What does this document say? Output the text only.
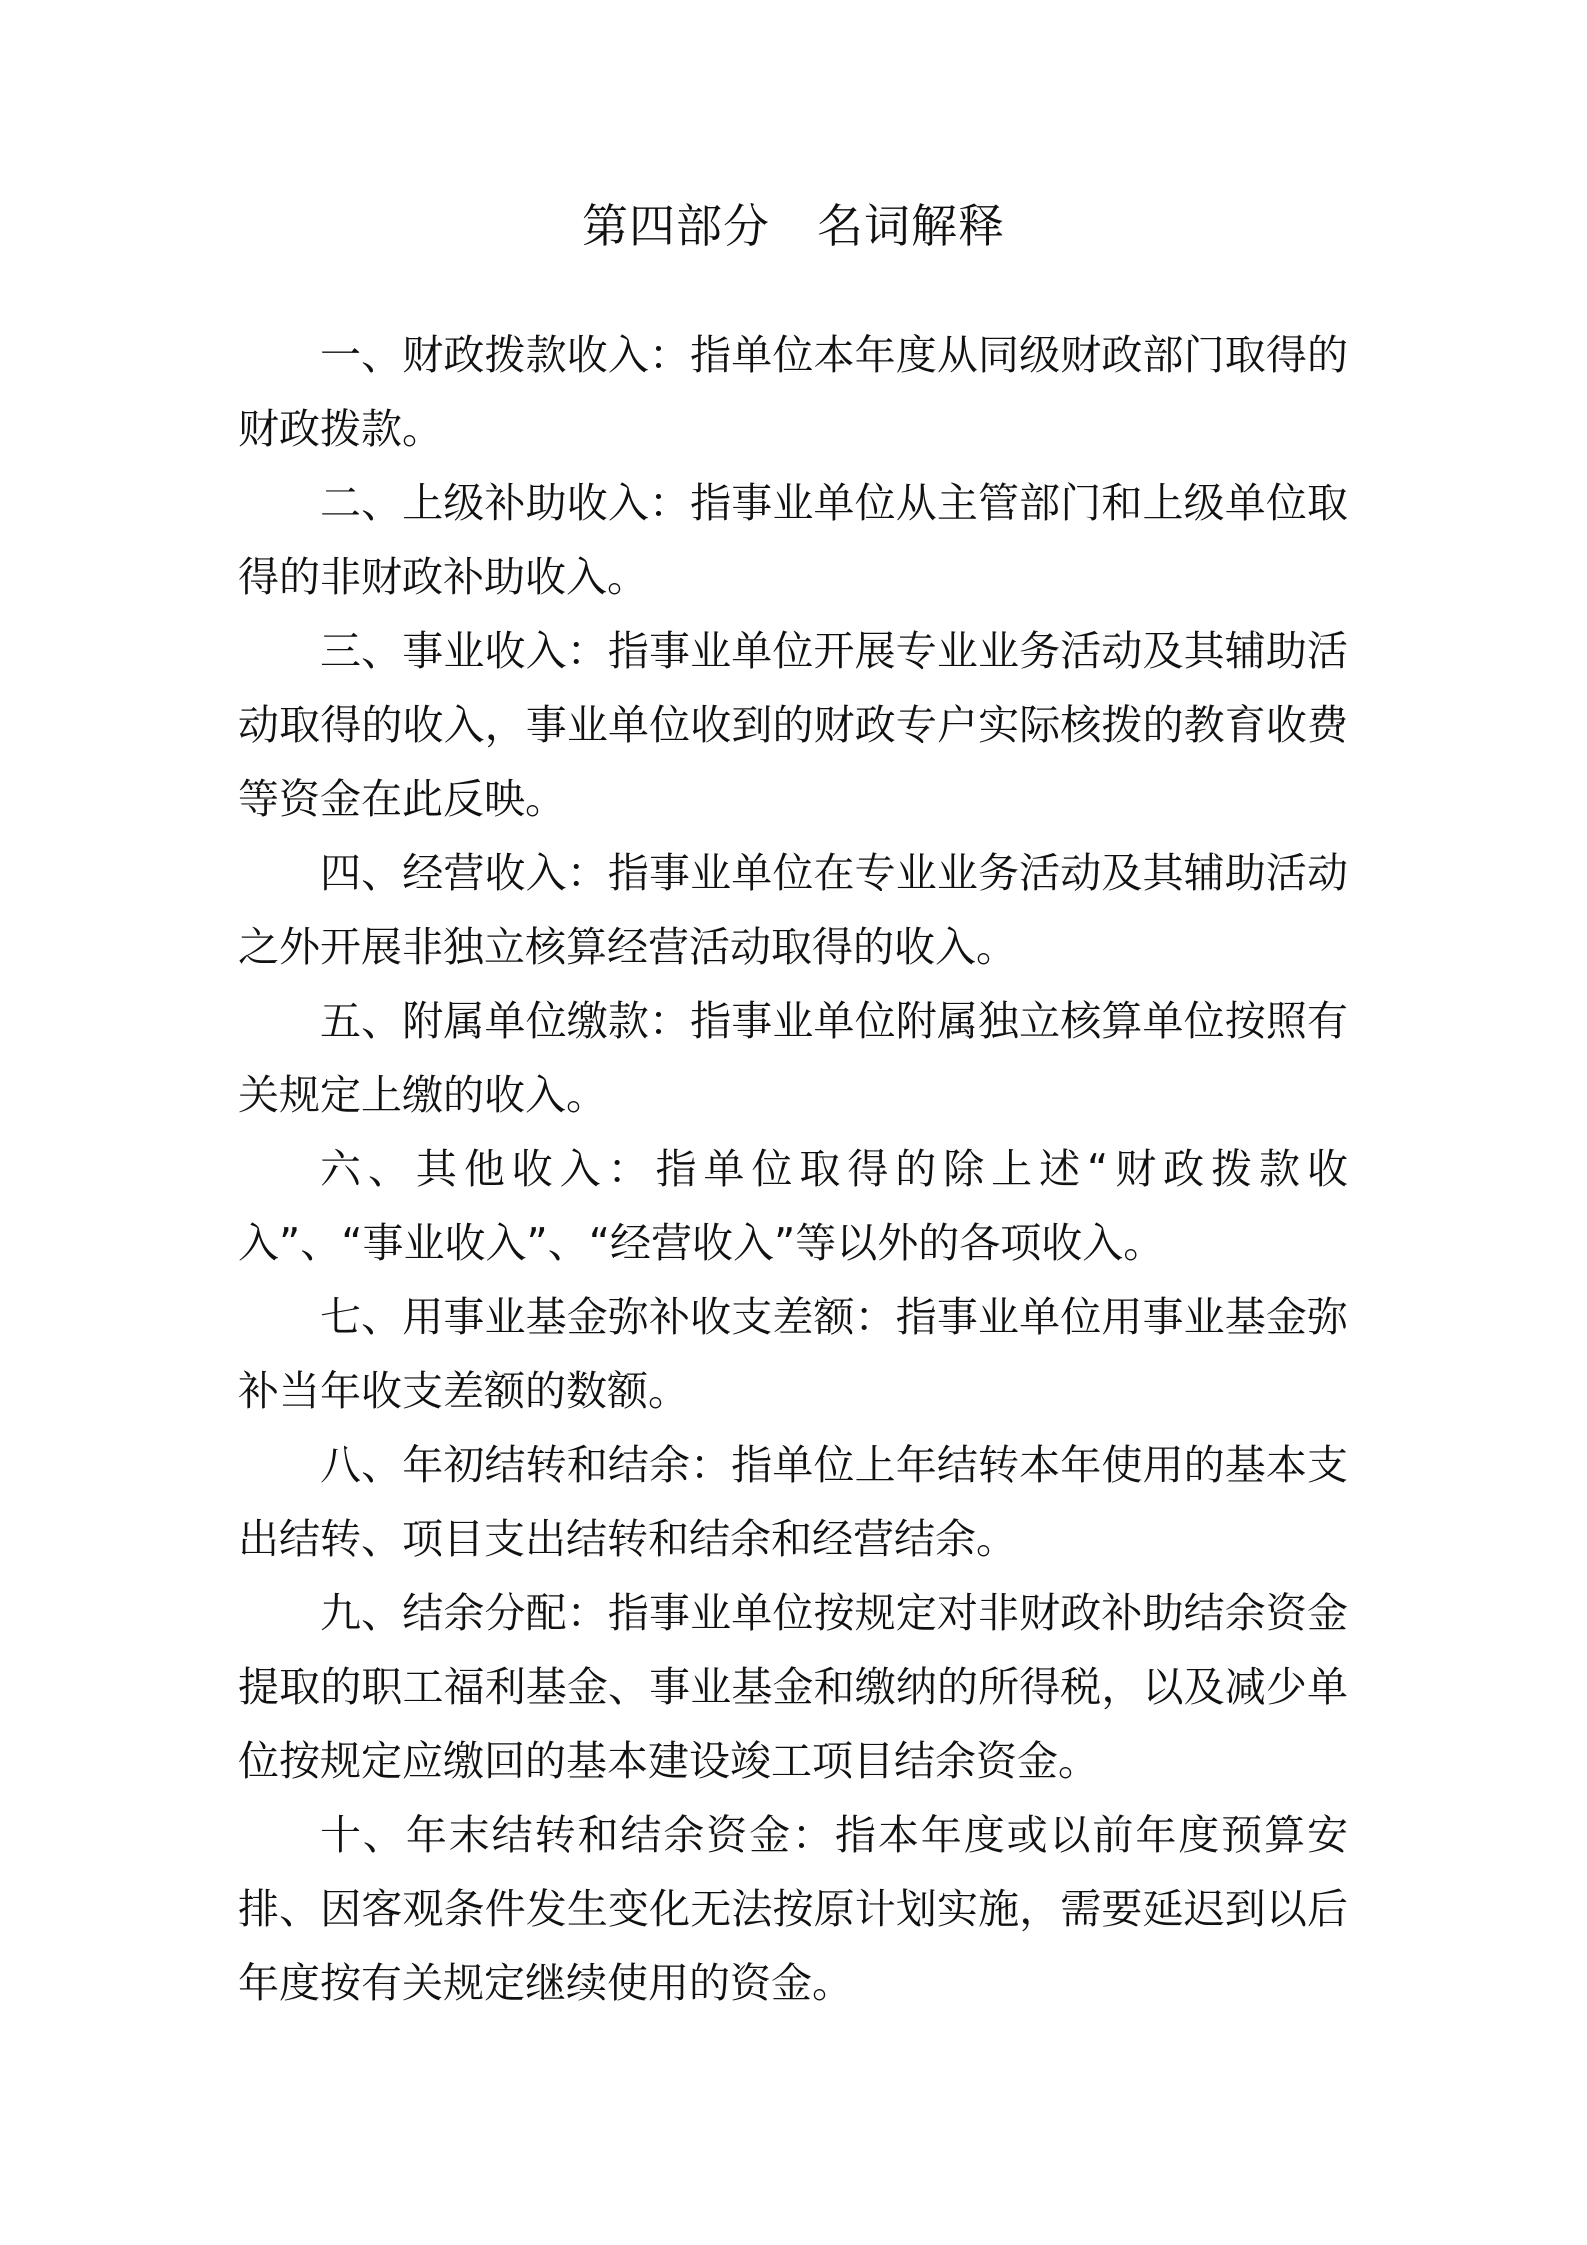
第四部分　名词解释

一、财政拨款收入：指单位本年度从同级财政部门取得的财政拨款。

二、上级补助收入：指事业单位从主管部门和上级单位取得的非财政补助收入。

三、事业收入：指事业单位开展专业业务活动及其辅助活动取得的收入，事业单位收到的财政专户实际核拨的教育收费等资金在此反映。

四、经营收入：指事业单位在专业业务活动及其辅助活动之外开展非独立核算经营活动取得的收入。

五、附属单位缴款：指事业单位附属独立核算单位按照有关规定上缴的收入。

六、其他收入：指单位取得的除上述“财政拨款收入”、“事业收入”、“经营收入”等以外的各项收入。

七、用事业基金弥补收支差额：指事业单位用事业基金弥补当年收支差额的数额。

八、年初结转和结余：指单位上年结转本年使用的基本支出结转、项目支出结转和结余和经营结余。

九、结余分配：指事业单位按规定对非财政补助结余资金提取的职工福利基金、事业基金和缴纳的所得税，以及减少单位按规定应缴回的基本建设竣工项目结余资金。

十、年末结转和结余资金：指本年度或以前年度预算安排、因客观条件发生变化无法按原计划实施，需要延迟到以后年度按有关规定继续使用的资金。
